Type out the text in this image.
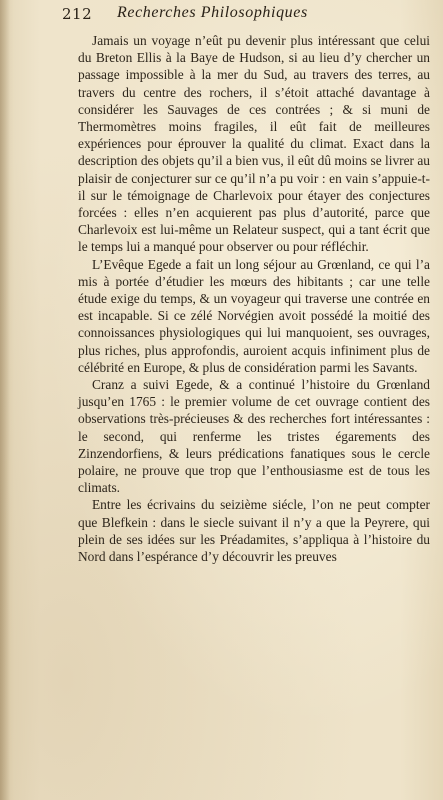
212 Recherches Philosophiques

Jamais un voyage n’eût pu devenir plus intéressant que celui du Breton Ellis à la Baye de Hudson, si au lieu d’y chercher un passage impossible à la mer du Sud, au travers des terres, au travers du centre des rochers, il s’étoit attaché davantage à considérer les Sauvages de ces contrées ; & si muni de Thermomètres moins fragiles, il eût fait de meilleures expériences pour éprouver la qualité du climat. Exact dans la description des objets qu’il a bien vus, il eût dû moins se livrer au plaisir de conjecturer sur ce qu’il n’a pu voir : en vain s’appuie-t-il sur le témoignage de Charlevoix pour étayer des conjectures forcées : elles n’en acquierent pas plus d’autorité, parce que Charlevoix est lui-même un Relateur suspect, qui a tant écrit que le temps lui a manqué pour observer ou pour réfléchir.

L’Evêque Egede a fait un long séjour au Grœnland, ce qui l’a mis à portée d’étudier les mœurs des hibitants ; car une telle étude exige du temps, & un voyageur qui traverse une contrée en est incapable. Si ce zélé Norvégien avoit possédé la moitié des connoissances physiologiques qui lui manquoient, ses ouvrages, plus riches, plus approfondis, auroient acquis infiniment plus de célébrité en Europe, & plus de considération parmi les Savants.

Cranz a suivi Egede, & a continué l’histoire du Grœnland jusqu’en 1765 : le premier volume de cet ouvrage contient des observations très-précieuses & des recherches fort intéressantes : le second, qui renferme les tristes égarements des Zinzendorfiens, & leurs prédications fanatiques sous le cercle polaire, ne prouve que trop que l’enthousiasme est de tous les climats.

Entre les écrivains du seizième siécle, l’on ne peut compter que Blefkein : dans le siecle suivant il n’y a que la Peyrere, qui plein de ses idées sur les Préadamites, s’appliqua à l’histoire du Nord dans l’espérance d’y découvrir les preuves
